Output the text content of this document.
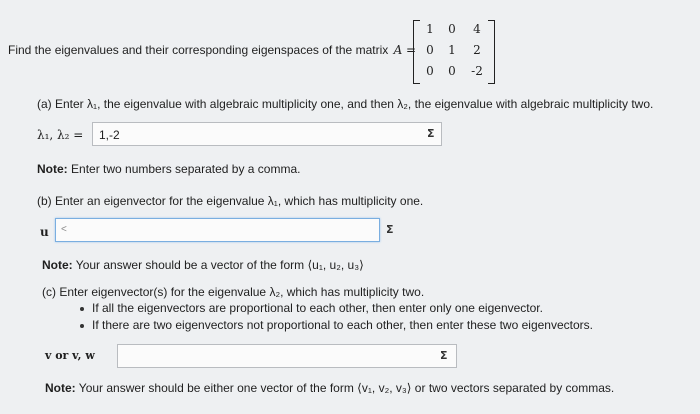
Find the eigenvalues and their corresponding eigenspaces of the matrix A =
1	0	4
0	1	2
0	0	-2
(a) Enter λ₁, the eigenvalue with algebraic multiplicity one, and then λ₂, the eigenvalue with algebraic multiplicity two.
λ₁, λ₂ = 1,-2	Σ
Note: Enter two numbers separated by a comma.
(b) Enter an eigenvector for the eigenvalue λ₁, which has multiplicity one.
u <	Σ
Note: Your answer should be a vector of the form ⟨u₁, u₂, u₃⟩
(c) Enter eigenvector(s) for the eigenvalue λ₂, which has multiplicity two.
If all the eigenvectors are proportional to each other, then enter only one eigenvector.
If there are two eigenvectors not proportional to each other, then enter these two eigenvectors.
v or v, w	Σ
Note: Your answer should be either one vector of the form ⟨v₁, v₂, v₃⟩ or two vectors separated by commas.
